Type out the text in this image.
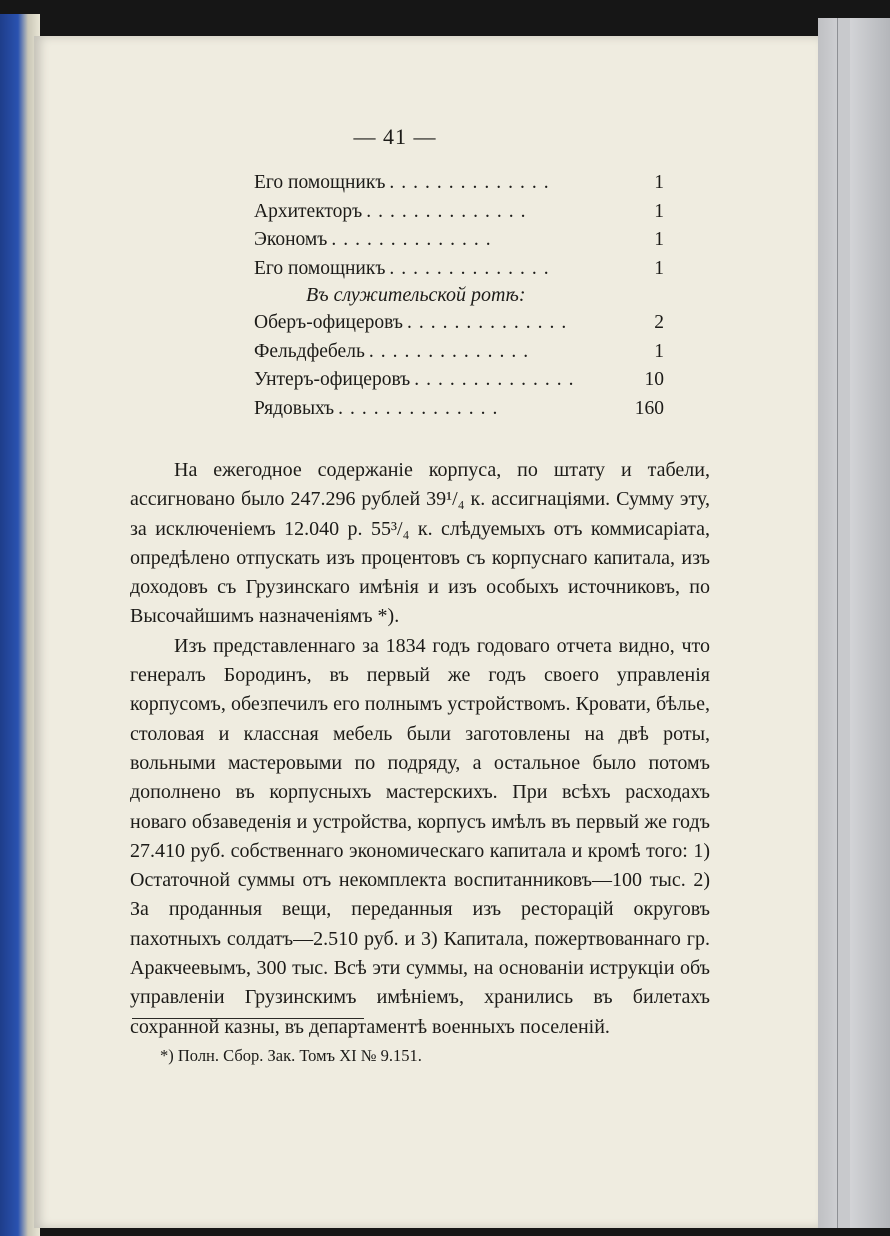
— 41 —
Его помощникъ ..............	1
Архитекторъ ..............	1
Экономъ ..............	1
Его помощникъ ..............	1
Въ служительской ротѣ:
Оберъ-офицеровъ ..............	2
Фельдфебель ..............	1
Унтеръ-офицеровъ ..............	10
Рядовыхъ ..............	160

На ежегодное содержанiе корпуса, по штату и табели, ассигновано было 247.296 рублей 39¹/₄ к. ассигнацiями. Сумму эту, за исключенiемъ 12.040 р. 55³/₄ к. слѣдуемыхъ отъ коммисарiата, опредѣлено отпускать изъ процентовъ съ корпуснаго капитала, изъ доходовъ съ Грузинскаго имѣнiя и изъ особыхъ источниковъ, по Высочайшимъ назначенiямъ *).

Изъ представленнаго за 1834 годъ годоваго отчета видно, что генералъ Бородинъ, въ первый же годъ своего управленiя корпусомъ, обезпечилъ его полнымъ устройствомъ. Кровати, бѣлье, столовая и классная мебель были заготовлены на двѣ роты, вольными мастеровыми по подряду, а остальное было потомъ дополнено въ корпусныхъ мастерскихъ. При всѣхъ расходахъ новаго обзаведенiя и устройства, корпусъ имѣлъ въ первый же годъ 27.410 руб. собственнаго экономическаго капитала и кромѣ того: 1) Остаточной суммы отъ некомплекта воспитанниковъ—100 тыс. 2) За проданныя вещи, переданныя изъ ресторацiй округовъ пахотныхъ солдатъ—2.510 руб. и 3) Капитала, пожертвованнаго гр. Аракчеевымъ, 300 тыс. Всѣ эти суммы, на основанiи иструкцiи объ управленiи Грузинскимъ имѣнiемъ, хранились въ билетахъ сохранной казны, въ департаментѣ военныхъ поселенiй.

*) Полн. Сбор. Зак. Томъ XI № 9.151.
